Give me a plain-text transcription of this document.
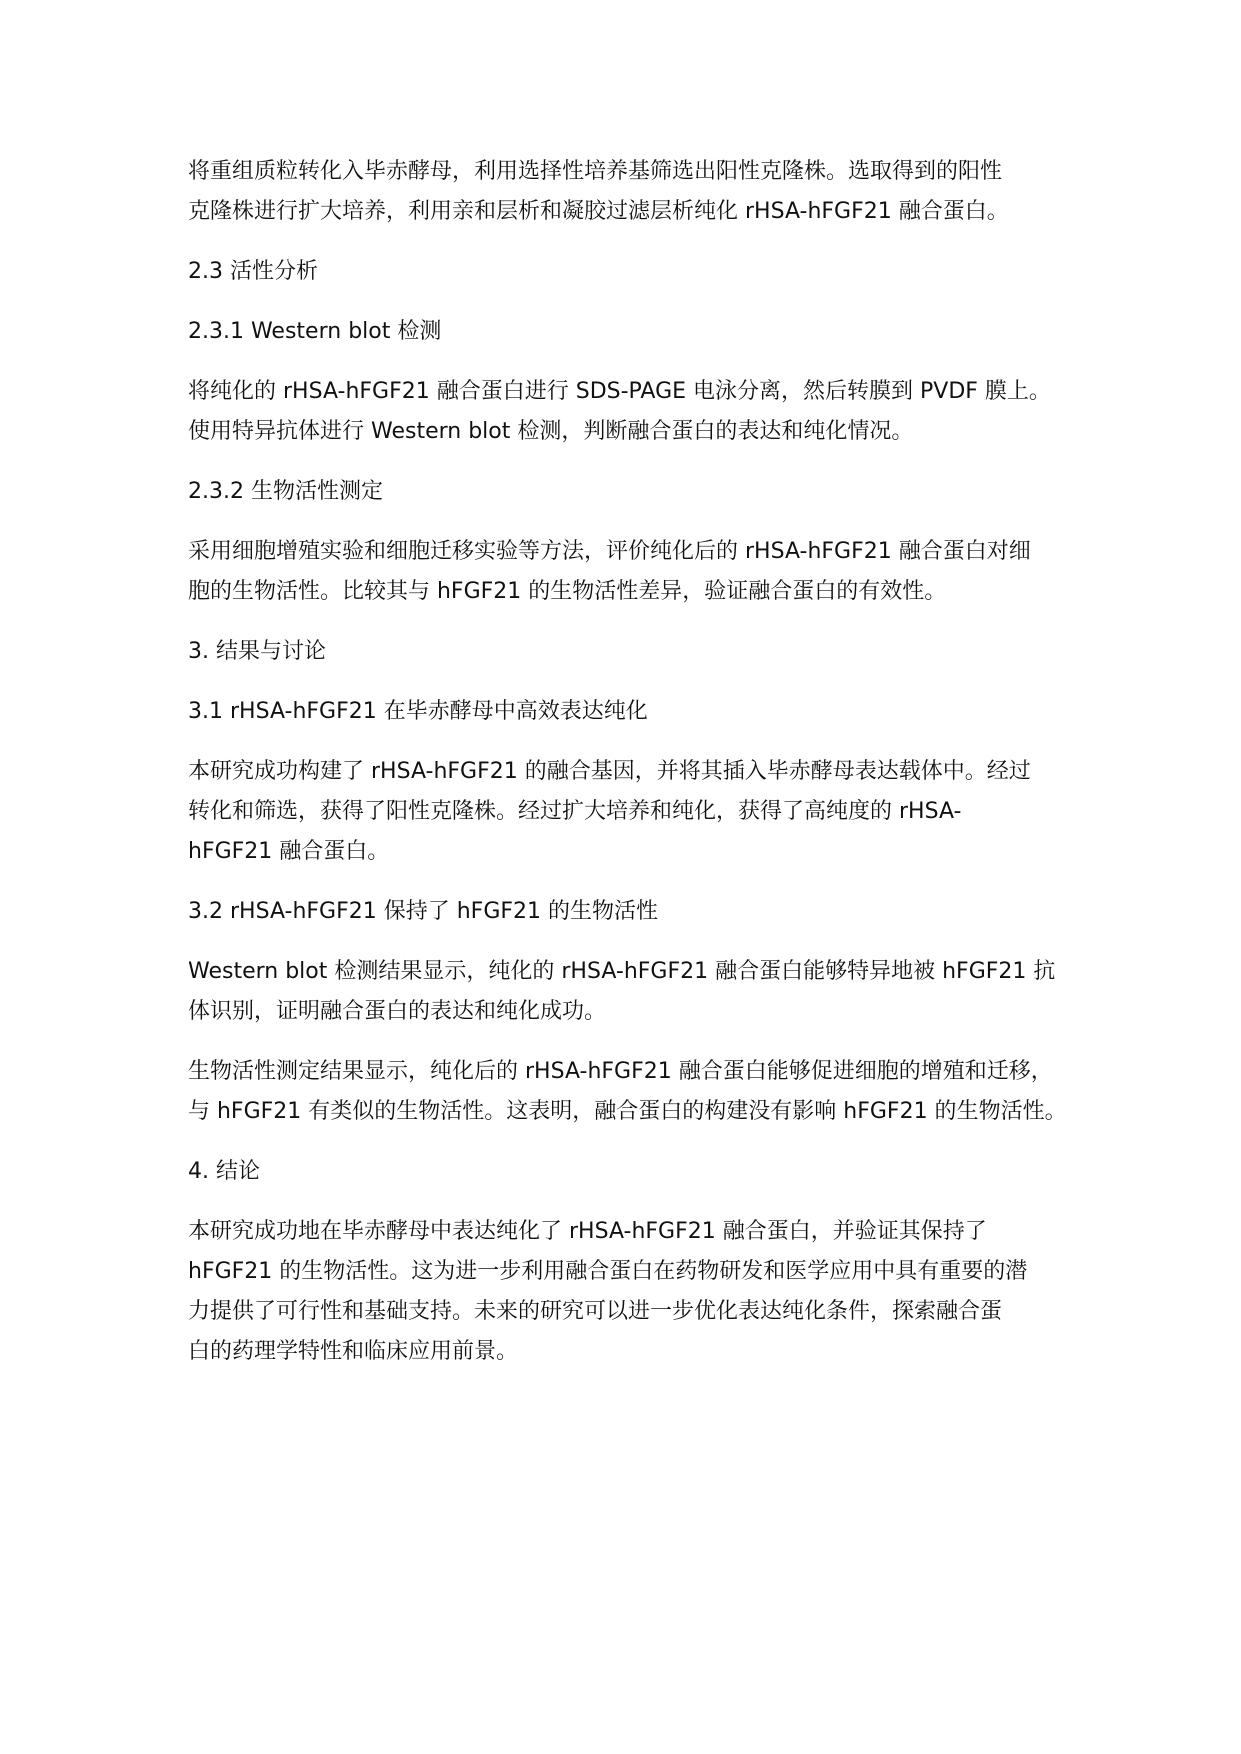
将重组质粒转化入毕赤酵母，利用选择性培养基筛选出阳性克隆株。选取得到的阳性
克隆株进行扩大培养，利用亲和层析和凝胶过滤层析纯化 rHSA-hFGF21 融合蛋白。

2.3 活性分析
2.3.1 Western blot 检测

将纯化的 rHSA-hFGF21 融合蛋白进行 SDS-PAGE 电泳分离，然后转膜到 PVDF 膜上。
使用特异抗体进行 Western blot 检测，判断融合蛋白的表达和纯化情况。

2.3.2 生物活性测定

采用细胞增殖实验和细胞迁移实验等方法，评价纯化后的 rHSA-hFGF21 融合蛋白对细
胞的生物活性。比较其与 hFGF21 的生物活性差异，验证融合蛋白的有效性。

3. 结果与讨论
3.1 rHSA-hFGF21 在毕赤酵母中高效表达纯化

本研究成功构建了 rHSA-hFGF21 的融合基因，并将其插入毕赤酵母表达载体中。经过
转化和筛选，获得了阳性克隆株。经过扩大培养和纯化，获得了高纯度的 rHSA-
hFGF21 融合蛋白。

3.2 rHSA-hFGF21 保持了 hFGF21 的生物活性

Western blot 检测结果显示，纯化的 rHSA-hFGF21 融合蛋白能够特异地被 hFGF21 抗
体识别，证明融合蛋白的表达和纯化成功。

生物活性测定结果显示，纯化后的 rHSA-hFGF21 融合蛋白能够促进细胞的增殖和迁移，
与 hFGF21 有类似的生物活性。这表明，融合蛋白的构建没有影响 hFGF21 的生物活性。

4. 结论

本研究成功地在毕赤酵母中表达纯化了 rHSA-hFGF21 融合蛋白，并验证其保持了
hFGF21 的生物活性。这为进一步利用融合蛋白在药物研发和医学应用中具有重要的潜
力提供了可行性和基础支持。未来的研究可以进一步优化表达纯化条件，探索融合蛋
白的药理学特性和临床应用前景。
